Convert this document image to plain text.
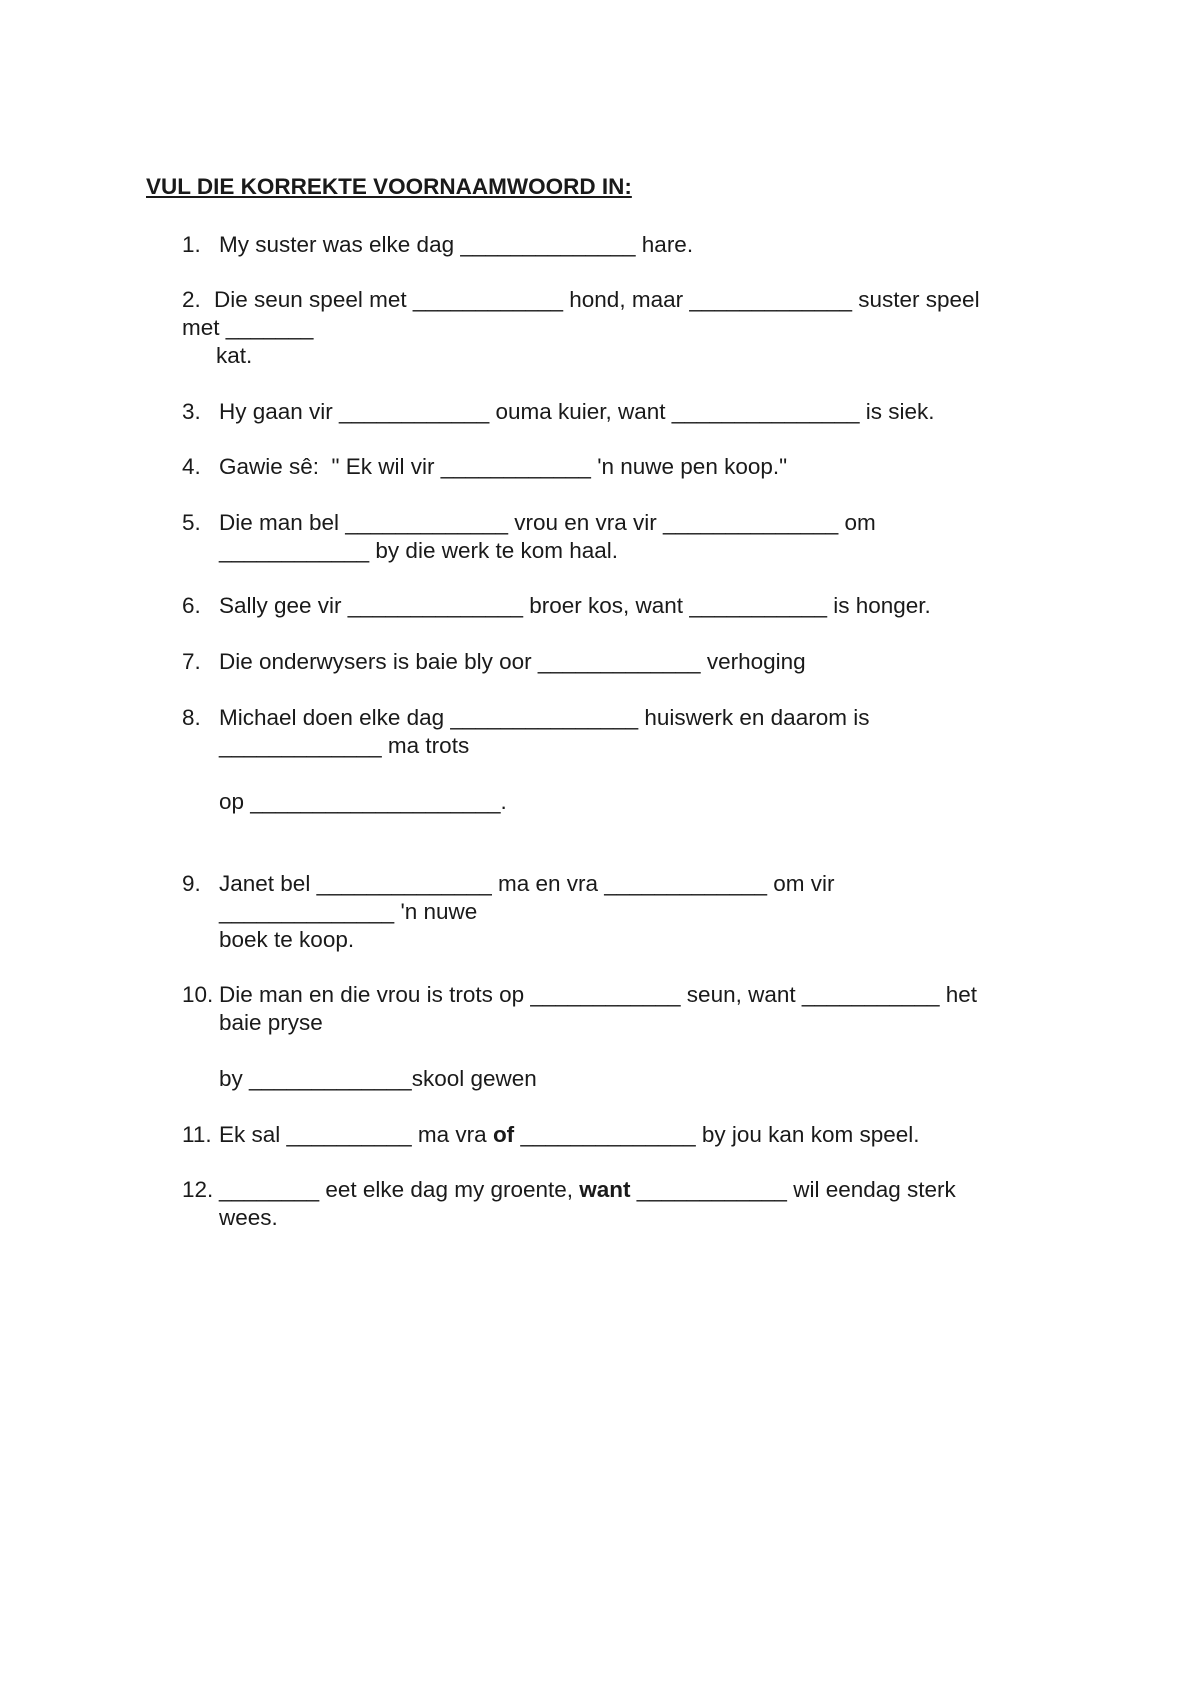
VUL DIE KORREKTE VOORNAAMWOORD IN:
1. My suster was elke dag ______________ hare.
2. Die seun speel met ____________ hond, maar _____________ suster speel
met _______
kat.
3. Hy gaan vir ____________ ouma kuier, want _______________ is siek.
4. Gawie sê:  " Ek wil vir ____________ 'n nuwe pen koop."
5. Die man bel _____________ vrou en vra vir ______________ om
____________ by die werk te kom haal.
6. Sally gee vir ______________ broer kos, want ___________ is honger.
7. Die onderwysers is baie bly oor _____________ verhoging
8. Michael doen elke dag _______________ huiswerk en daarom is
_____________ ma trots
op ____________________.
9. Janet bel ______________ ma en vra _____________ om vir
______________ 'n nuwe
boek te koop.
10. Die man en die vrou is trots op ____________ seun, want ___________ het
baie pryse
by _____________skool gewen
11. Ek sal __________ ma vra of ______________ by jou kan kom speel.
12. ________ eet elke dag my groente, want ____________ wil eendag sterk
wees.
